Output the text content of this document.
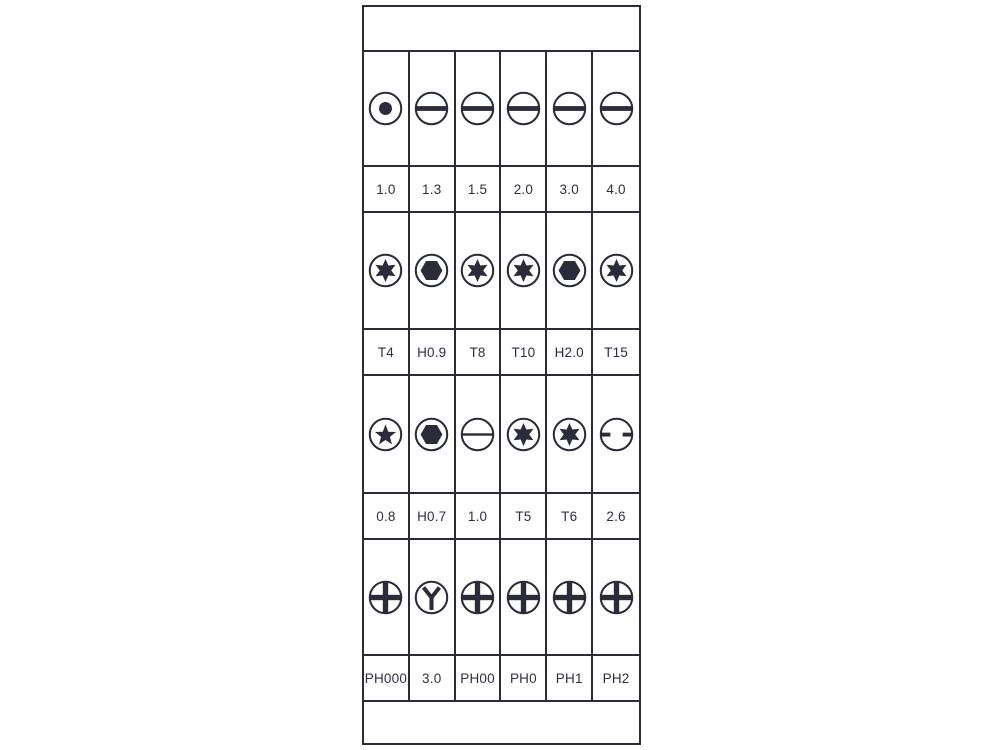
1.0	1.3	1.5	2.0	3.0	4.0
T4	H0.9	T8	T10	H2.0	T15
0.8	H0.7	1.0	T5	T6	2.6
PH000	3.0	PH00	PH0	PH1	PH2
